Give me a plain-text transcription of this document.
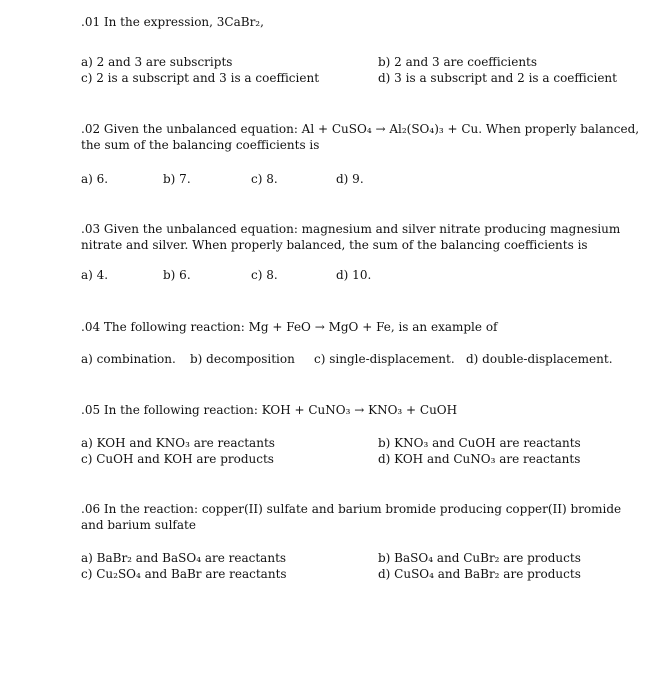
.01 In the expression, 3CaBr₂,
a) 2 and 3 are subscripts	b) 2 and 3 are coefficients
c) 2 is a subscript and 3 is a coefficient	d) 3 is a subscript and 2 is a coefficient
.02 Given the unbalanced equation: Al + CuSO₄ → Al₂(SO₄)₃ + Cu. When properly balanced,
the sum of the balancing coefficients is
a) 6.	b) 7.	c) 8.	d) 9.
.03 Given the unbalanced equation: magnesium and silver nitrate producing magnesium
nitrate and silver. When properly balanced, the sum of the balancing coefficients is
a) 4.	b) 6.	c) 8.	d) 10.
.04 The following reaction: Mg + FeO → MgO + Fe, is an example of
a) combination. b) decomposition c) single-displacement. d) double-displacement.
.05 In the following reaction: KOH + CuNO₃ → KNO₃ + CuOH
a) KOH and KNO₃ are reactants	b) KNO₃ and CuOH are reactants
c) CuOH and KOH are products	d) KOH and CuNO₃ are reactants
.06 In the reaction: copper(II) sulfate and barium bromide producing copper(II) bromide
and barium sulfate
a) BaBr₂ and BaSO₄ are reactants	b) BaSO₄ and CuBr₂ are products
c) Cu₂SO₄ and BaBr are reactants	d) CuSO₄ and BaBr₂ are products
